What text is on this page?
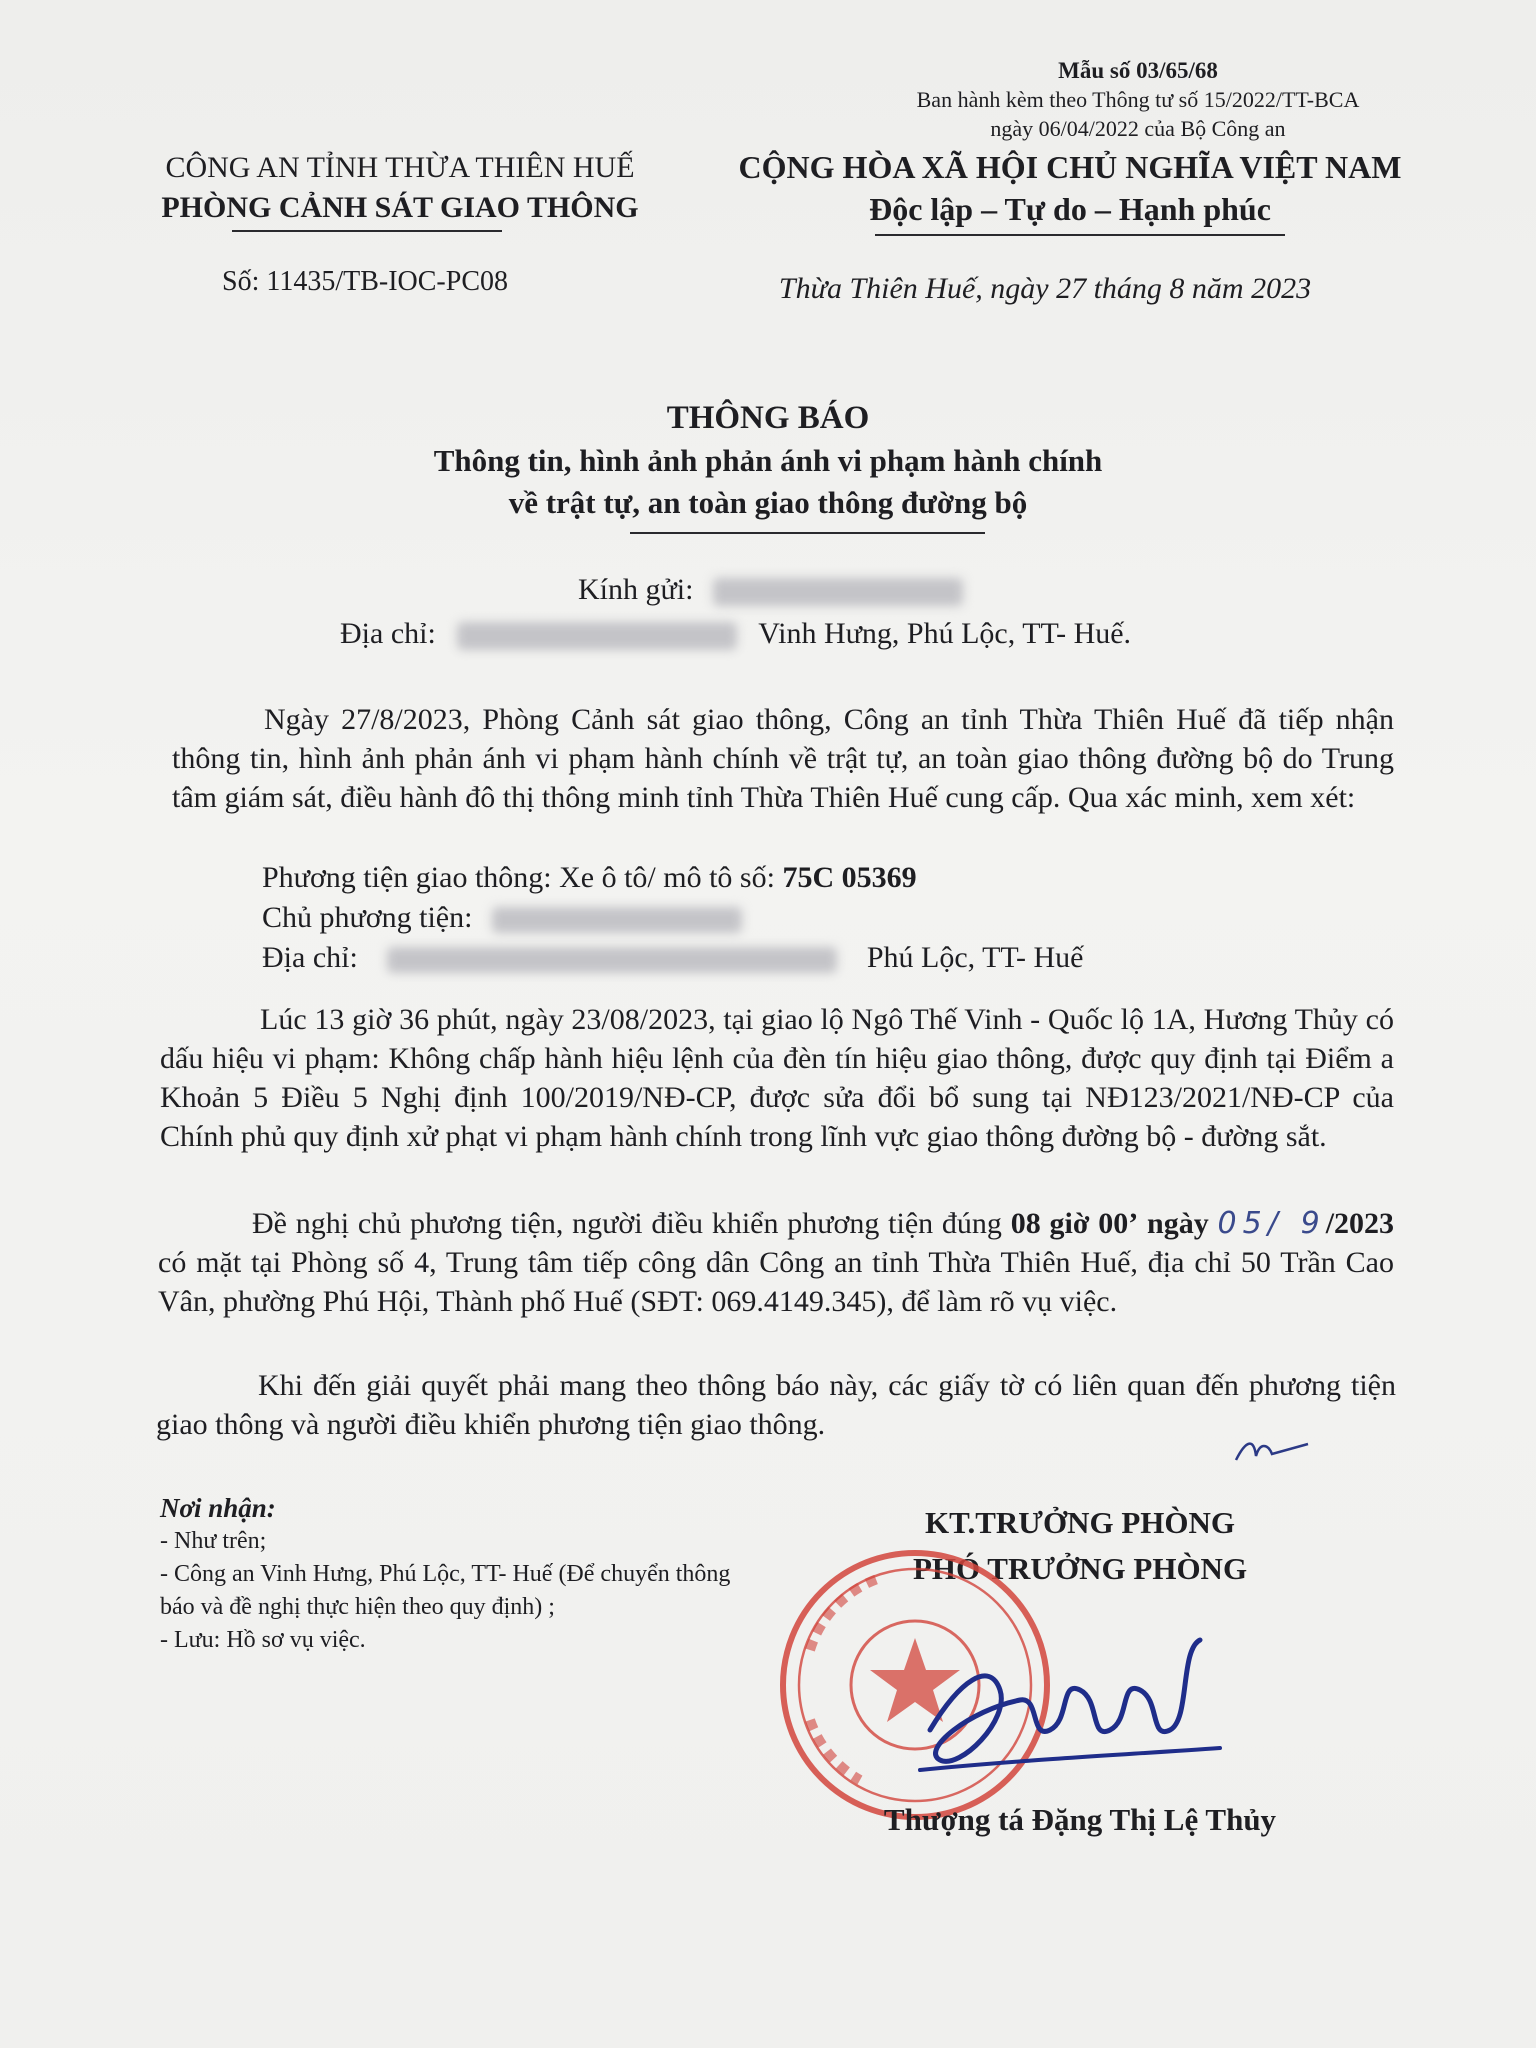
Mẫu số 03/65/68
Ban hành kèm theo Thông tư số 15/2022/TT-BCA
ngày 06/04/2022 của Bộ Công an
CÔNG AN TỈNH THỪA THIÊN HUẾ
PHÒNG CẢNH SÁT GIAO THÔNG
CỘNG HÒA XÃ HỘI CHỦ NGHĨA VIỆT NAM
Độc lập – Tự do – Hạnh phúc
Số: 11435/TB-IOC-PC08	Thừa Thiên Huế, ngày 27 tháng 8 năm 2023
THÔNG BÁO
Thông tin, hình ảnh phản ánh vi phạm hành chính
về trật tự, an toàn giao thông đường bộ
Kính gửi:
Địa chỉ:	Vinh Hưng, Phú Lộc, TT- Huế.
Ngày 27/8/2023, Phòng Cảnh sát giao thông, Công an tỉnh Thừa Thiên Huế đã tiếp nhận thông tin, hình ảnh phản ánh vi phạm hành chính về trật tự, an toàn giao thông đường bộ do Trung tâm giám sát, điều hành đô thị thông minh tỉnh Thừa Thiên Huế cung cấp. Qua xác minh, xem xét:
Phương tiện giao thông: Xe ô tô/ mô tô số: 75C 05369
Chủ phương tiện:
Địa chỉ:	Phú Lộc, TT- Huế
Lúc 13 giờ 36 phút, ngày 23/08/2023, tại giao lộ Ngô Thế Vinh - Quốc lộ 1A, Hương Thủy có dấu hiệu vi phạm: Không chấp hành hiệu lệnh của đèn tín hiệu giao thông, được quy định tại Điểm a Khoản 5 Điều 5 Nghị định 100/2019/NĐ-CP, được sửa đổi bổ sung tại NĐ123/2021/NĐ-CP của Chính phủ quy định xử phạt vi phạm hành chính trong lĩnh vực giao thông đường bộ - đường sắt.
Đề nghị chủ phương tiện, người điều khiển phương tiện đúng 08 giờ 00’ ngày 05/ 9/2023 có mặt tại Phòng số 4, Trung tâm tiếp công dân Công an tỉnh Thừa Thiên Huế, địa chỉ 50 Trần Cao Vân, phường Phú Hội, Thành phố Huế (SĐT: 069.4149.345), để làm rõ vụ việc.
Khi đến giải quyết phải mang theo thông báo này, các giấy tờ có liên quan đến phương tiện giao thông và người điều khiển phương tiện giao thông.
Nơi nhận:
- Như trên;
- Công an Vinh Hưng, Phú Lộc, TT- Huế (Để chuyển thông báo và đề nghị thực hiện theo quy định) ;
- Lưu: Hồ sơ vụ việc.
KT.TRƯỞNG PHÒNG
PHÓ TRƯỞNG PHÒNG
Thượng tá Đặng Thị Lệ Thủy
